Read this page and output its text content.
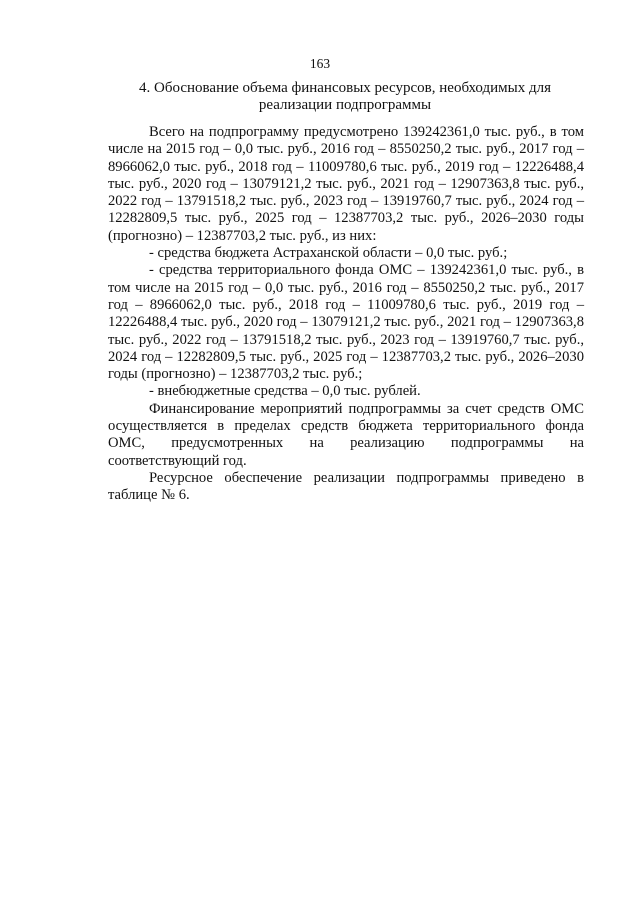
163
4. Обоснование объема финансовых ресурсов, необходимых для реализации подпрограммы

Всего на подпрограмму предусмотрено 139242361,0 тыс. руб., в том числе на 2015 год – 0,0 тыс. руб., 2016 год – 8550250,2 тыс. руб., 2017 год – 8966062,0 тыс. руб., 2018 год – 11009780,6 тыс. руб., 2019 год – 12226488,4 тыс. руб., 2020 год – 13079121,2 тыс. руб., 2021 год – 12907363,8 тыс. руб., 2022 год – 13791518,2 тыс. руб., 2023 год – 13919760,7 тыс. руб., 2024 год – 12282809,5 тыс. руб., 2025 год – 12387703,2 тыс. руб., 2026–2030 годы (прогнозно) – 12387703,2 тыс. руб., из них:

- средства бюджета Астраханской области – 0,0 тыс. руб.;

- средства территориального фонда ОМС – 139242361,0 тыс. руб., в том числе на 2015 год – 0,0 тыс. руб., 2016 год – 8550250,2 тыс. руб., 2017 год – 8966062,0 тыс. руб., 2018 год – 11009780,6 тыс. руб., 2019 год – 12226488,4 тыс. руб., 2020 год – 13079121,2 тыс. руб., 2021 год – 12907363,8 тыс. руб., 2022 год – 13791518,2 тыс. руб., 2023 год – 13919760,7 тыс. руб., 2024 год – 12282809,5 тыс. руб., 2025 год – 12387703,2 тыс. руб., 2026–2030 годы (прогнозно) – 12387703,2 тыс. руб.;

- внебюджетные средства – 0,0 тыс. рублей.

Финансирование мероприятий подпрограммы за счет средств ОМС осуществляется в пределах средств бюджета территориального фонда ОМС, предусмотренных на реализацию подпрограммы на соответствующий год.

Ресурсное обеспечение реализации подпрограммы приведено в таблице № 6.
